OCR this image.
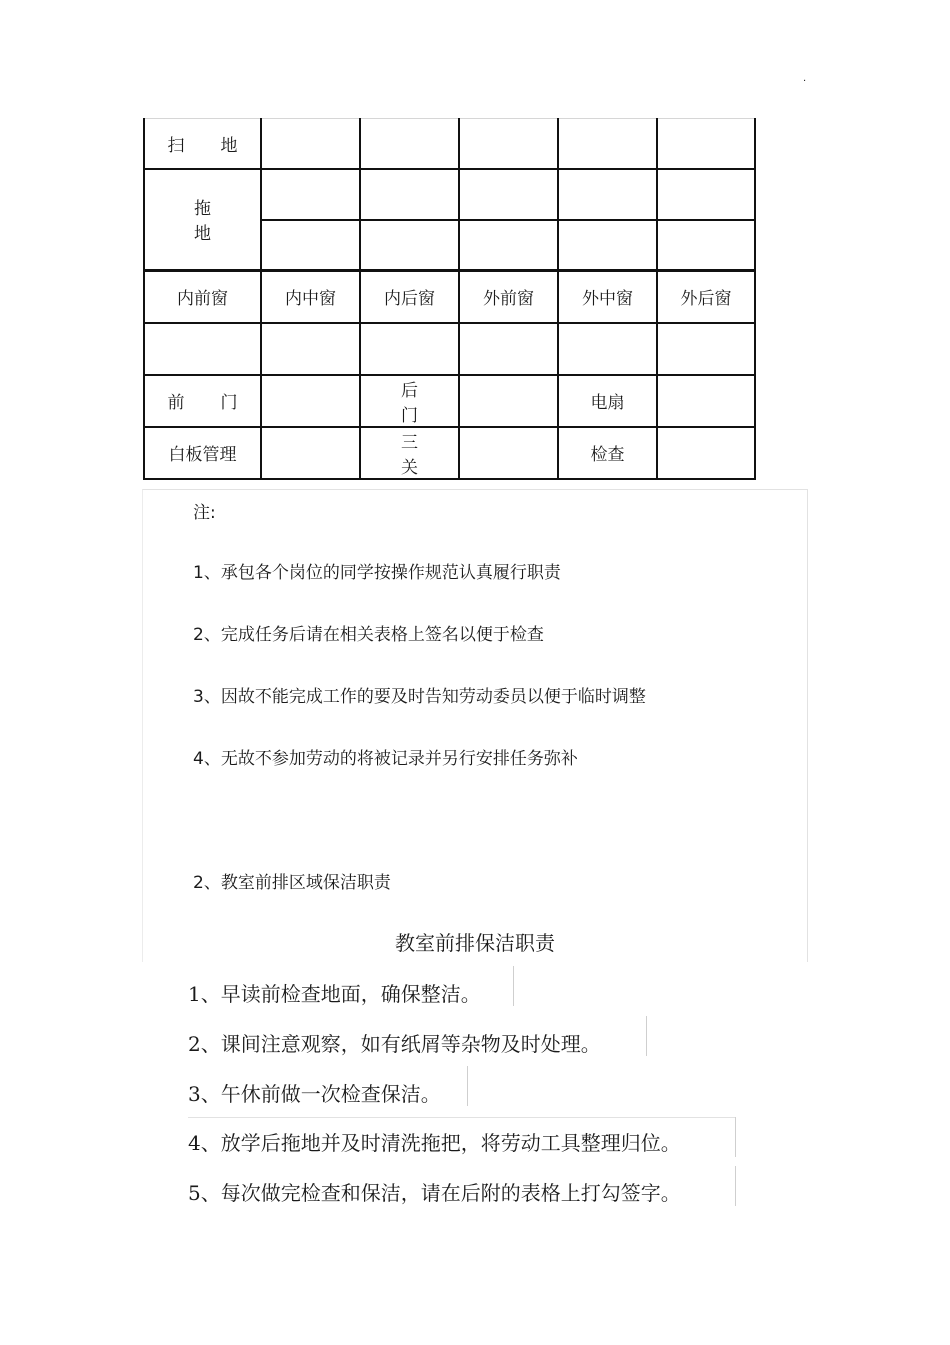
.
扫 地					
拖 地					

内前窗	内中窗	内后窗	外前窗	外中窗	外后窗

前 门		后 门		电扇	
白板管理		三 关		检查	
注:
1、承包各个岗位的同学按操作规范认真履行职责
2、完成任务后请在相关表格上签名以便于检查
3、因故不能完成工作的要及时告知劳动委员以便于临时调整
4、无故不参加劳动的将被记录并另行安排任务弥补
2、教室前排区域保洁职责
教室前排保洁职责
1、早读前检查地面，确保整洁。
2、课间注意观察，如有纸屑等杂物及时处理。
3、午休前做一次检查保洁。
4、放学后拖地并及时清洗拖把，将劳动工具整理归位。
5、每次做完检查和保洁，请在后附的表格上打勾签字。
